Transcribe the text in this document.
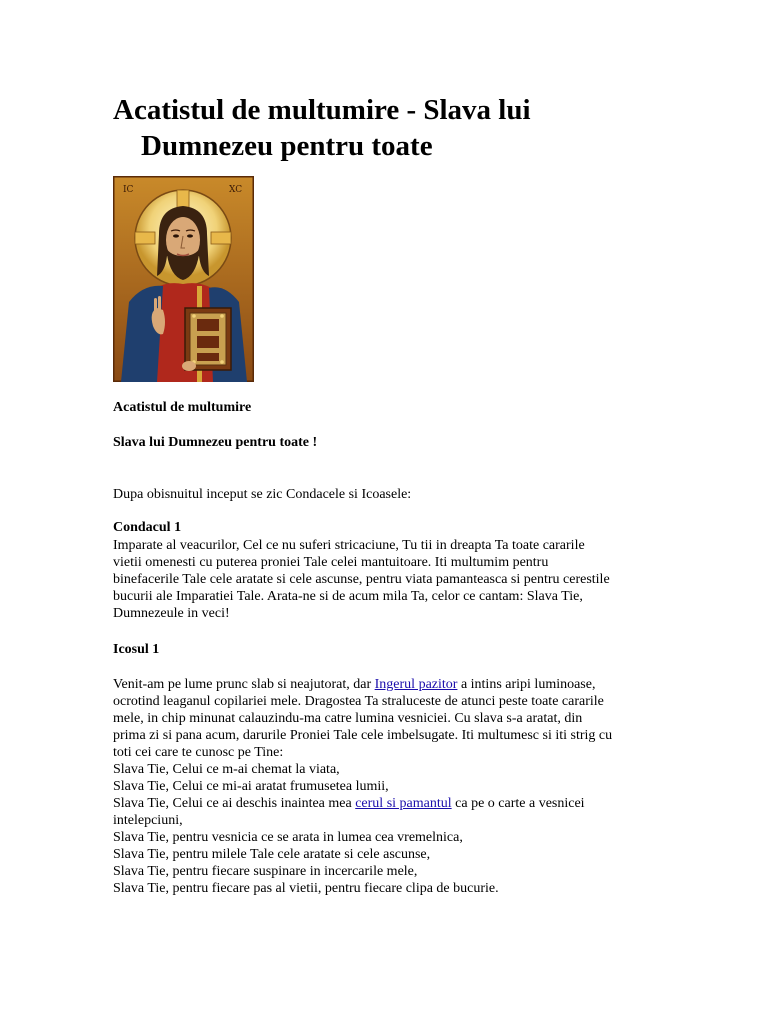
Acatistul de multumire - Slava lui
Dumnezeu pentru toate
IC	XC

Acatistul de multumire

Slava lui Dumnezeu pentru toate !

Dupa obisnuitul inceput se zic Condacele si Icoasele:

Condacul 1

Imparate al veacurilor, Cel ce nu suferi stricaciune, Tu tii in dreapta Ta toate cararile
vietii omenesti cu puterea proniei Tale celei mantuitoare. Iti multumim pentru
binefacerile Tale cele aratate si cele ascunse, pentru viata pamanteasca si pentru cerestile
bucurii ale Imparatiei Tale. Arata-ne si de acum mila Ta, celor ce cantam: Slava Tie,
Dumnezeule in veci!

Icosul 1

Venit-am pe lume prunc slab si neajutorat, dar Ingerul pazitor a intins aripi luminoase,
ocrotind leaganul copilariei mele. Dragostea Ta straluceste de atunci peste toate cararile
mele, in chip minunat calauzindu-ma catre lumina vesniciei. Cu slava s-a aratat, din
prima zi si pana acum, darurile Proniei Tale cele imbelsugate. Iti multumesc si iti strig cu
toti cei care te cunosc pe Tine:
Slava Tie, Celui ce m-ai chemat la viata,
Slava Tie, Celui ce mi-ai aratat frumusetea lumii,
Slava Tie, Celui ce ai deschis inaintea mea cerul si pamantul ca pe o carte a vesnicei
intelepciuni,
Slava Tie, pentru vesnicia ce se arata in lumea cea vremelnica,
Slava Tie, pentru milele Tale cele aratate si cele ascunse,
Slava Tie, pentru fiecare suspinare in incercarile mele,
Slava Tie, pentru fiecare pas al vietii, pentru fiecare clipa de bucurie.
